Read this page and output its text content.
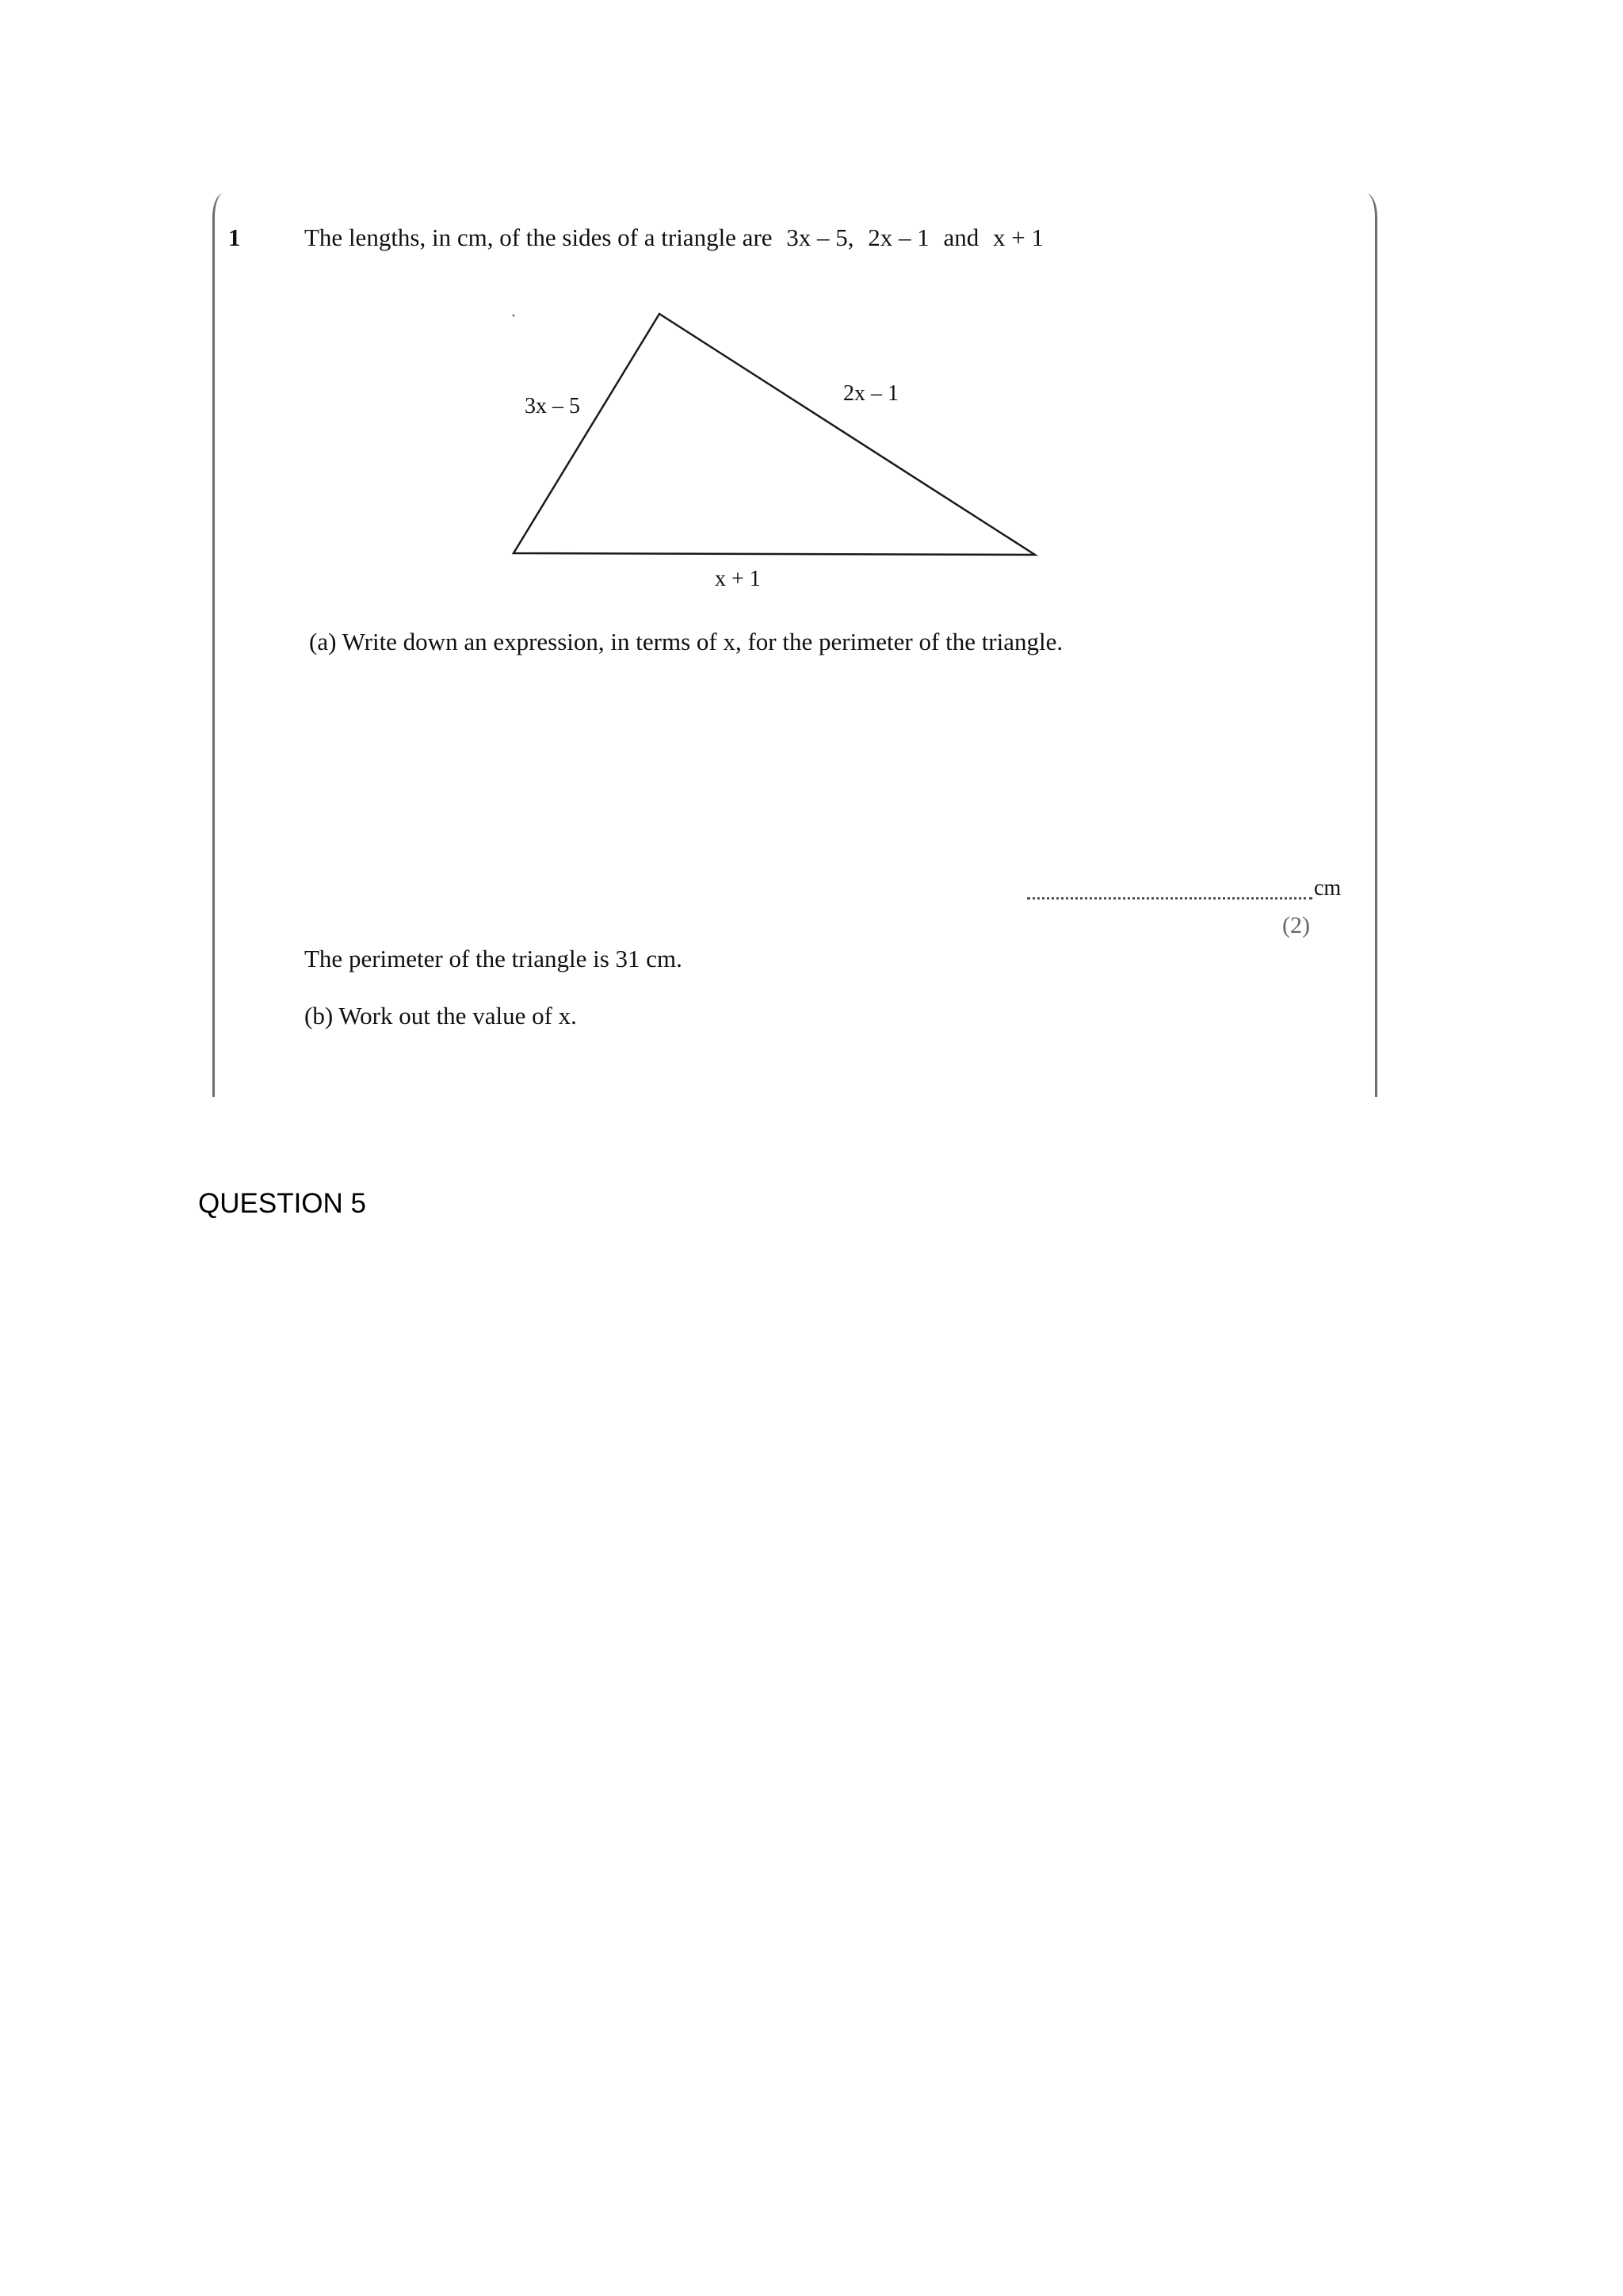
1	The lengths, in cm, of the sides of a triangle are 3x – 5, 2x – 1 and x + 1
3x – 5
2x – 1
x + 1
(a) Write down an expression, in terms of x, for the perimeter of the triangle.
cm
(2)
The perimeter of the triangle is 31 cm.
(b) Work out the value of x.
QUESTION 5
